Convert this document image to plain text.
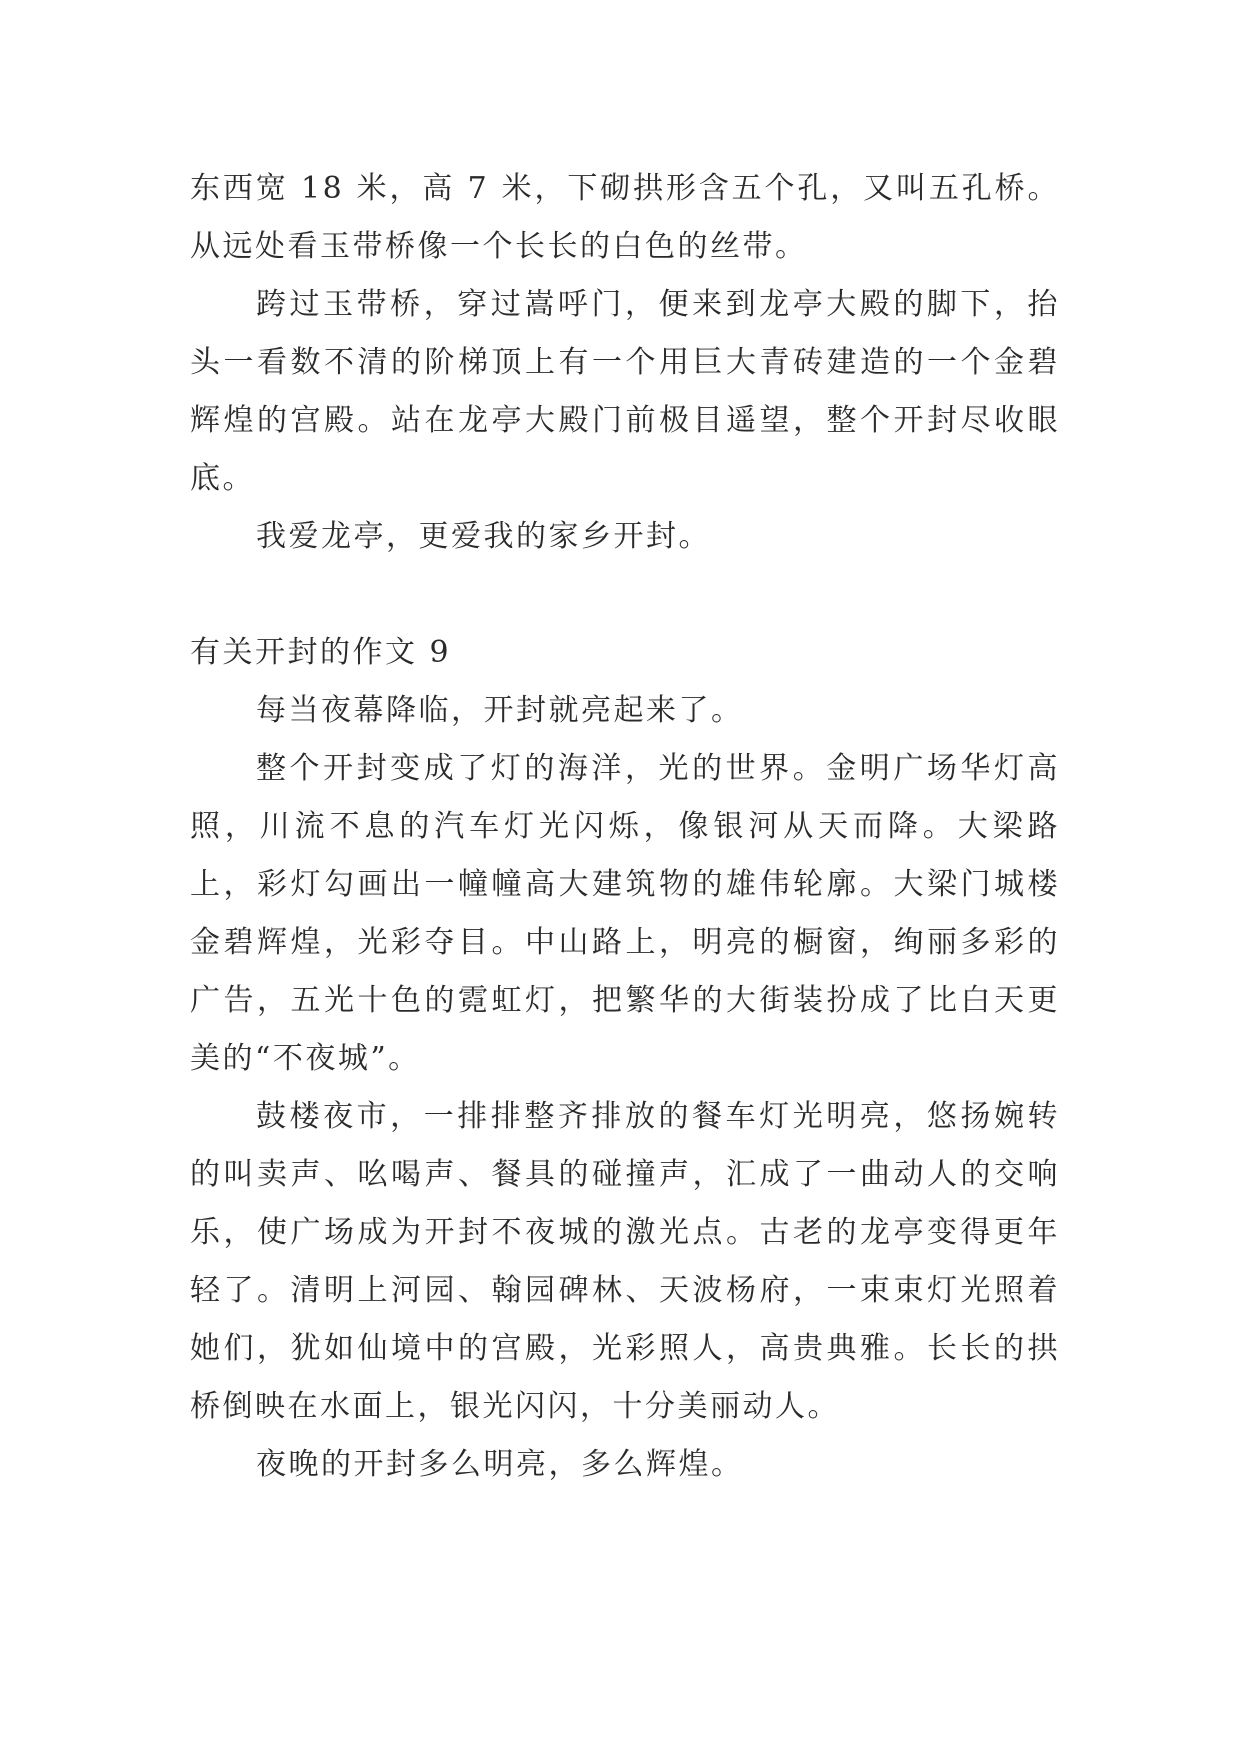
东西宽 18 米，高 7 米，下砌拱形含五个孔，又叫五孔桥。从远处看玉带桥像一个长长的白色的丝带。

跨过玉带桥，穿过嵩呼门，便来到龙亭大殿的脚下，抬头一看数不清的阶梯顶上有一个用巨大青砖建造的一个金碧辉煌的宫殿。站在龙亭大殿门前极目遥望，整个开封尽收眼底。

我爱龙亭，更爱我的家乡开封。

有关开封的作文 9

每当夜幕降临，开封就亮起来了。

整个开封变成了灯的海洋，光的世界。金明广场华灯高照，川流不息的汽车灯光闪烁，像银河从天而降。大梁路上，彩灯勾画出一幢幢高大建筑物的雄伟轮廓。大梁门城楼金碧辉煌，光彩夺目。中山路上，明亮的橱窗，绚丽多彩的广告，五光十色的霓虹灯，把繁华的大街装扮成了比白天更美的“不夜城”。

鼓楼夜市，一排排整齐排放的餐车灯光明亮，悠扬婉转的叫卖声、吆喝声、餐具的碰撞声，汇成了一曲动人的交响乐，使广场成为开封不夜城的激光点。古老的龙亭变得更年轻了。清明上河园、翰园碑林、天波杨府，一束束灯光照着她们，犹如仙境中的宫殿，光彩照人，高贵典雅。长长的拱桥倒映在水面上，银光闪闪，十分美丽动人。

夜晚的开封多么明亮，多么辉煌。
